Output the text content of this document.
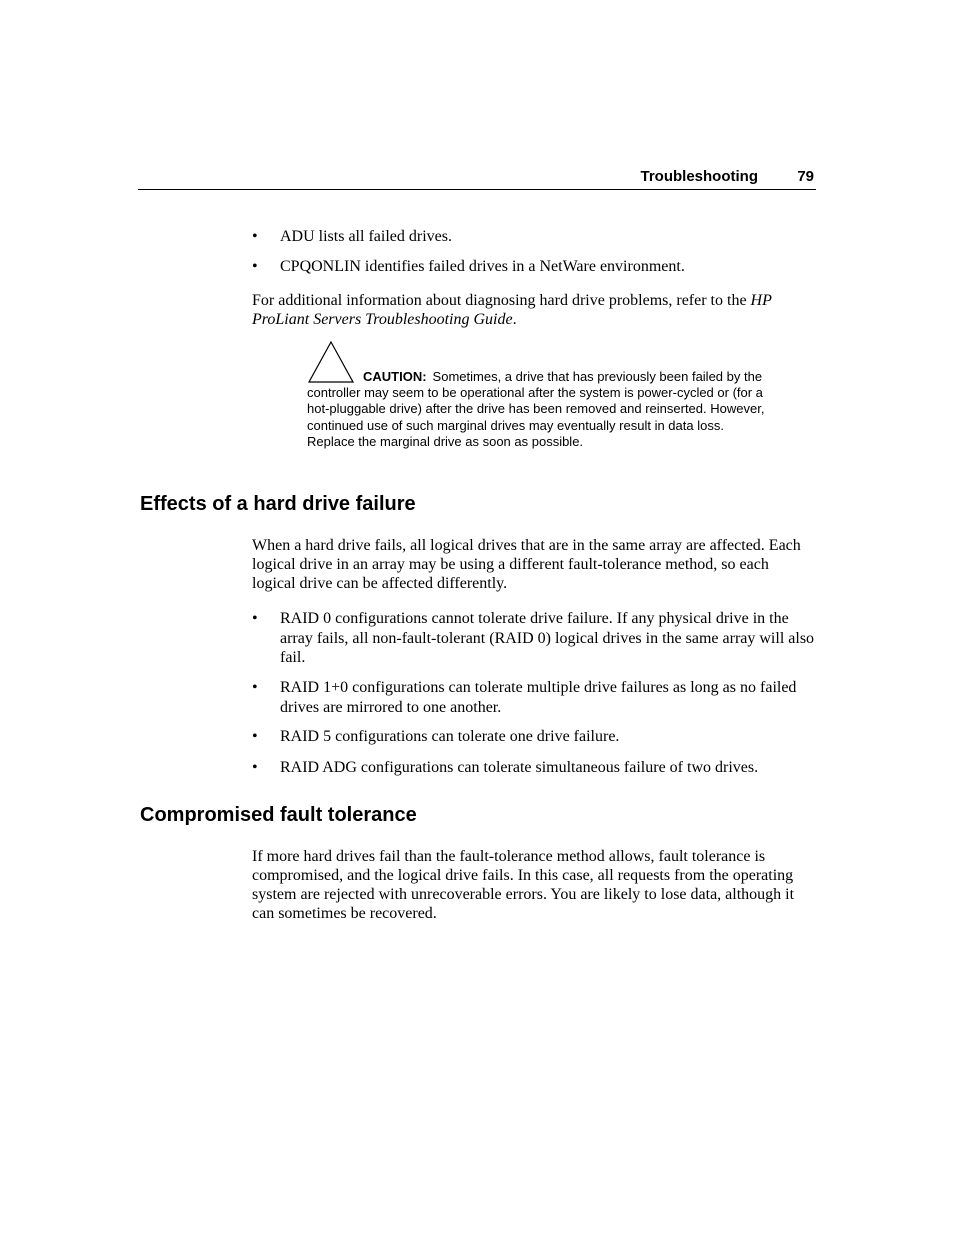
Troubleshooting	79
•	ADU lists all failed drives.
•	CPQONLIN identifies failed drives in a NetWare environment.
For additional information about diagnosing hard drive problems, refer to the HP ProLiant Servers Troubleshooting Guide.
CAUTION: Sometimes, a drive that has previously been failed by the controller may seem to be operational after the system is power-cycled or (for a hot-pluggable drive) after the drive has been removed and reinserted. However, continued use of such marginal drives may eventually result in data loss. Replace the marginal drive as soon as possible.
Effects of a hard drive failure
When a hard drive fails, all logical drives that are in the same array are affected. Each logical drive in an array may be using a different fault-tolerance method, so each logical drive can be affected differently.
•	RAID 0 configurations cannot tolerate drive failure. If any physical drive in the array fails, all non-fault-tolerant (RAID 0) logical drives in the same array will also fail.
•	RAID 1+0 configurations can tolerate multiple drive failures as long as no failed drives are mirrored to one another.
•	RAID 5 configurations can tolerate one drive failure.
•	RAID ADG configurations can tolerate simultaneous failure of two drives.
Compromised fault tolerance
If more hard drives fail than the fault-tolerance method allows, fault tolerance is compromised, and the logical drive fails. In this case, all requests from the operating system are rejected with unrecoverable errors. You are likely to lose data, although it can sometimes be recovered.
